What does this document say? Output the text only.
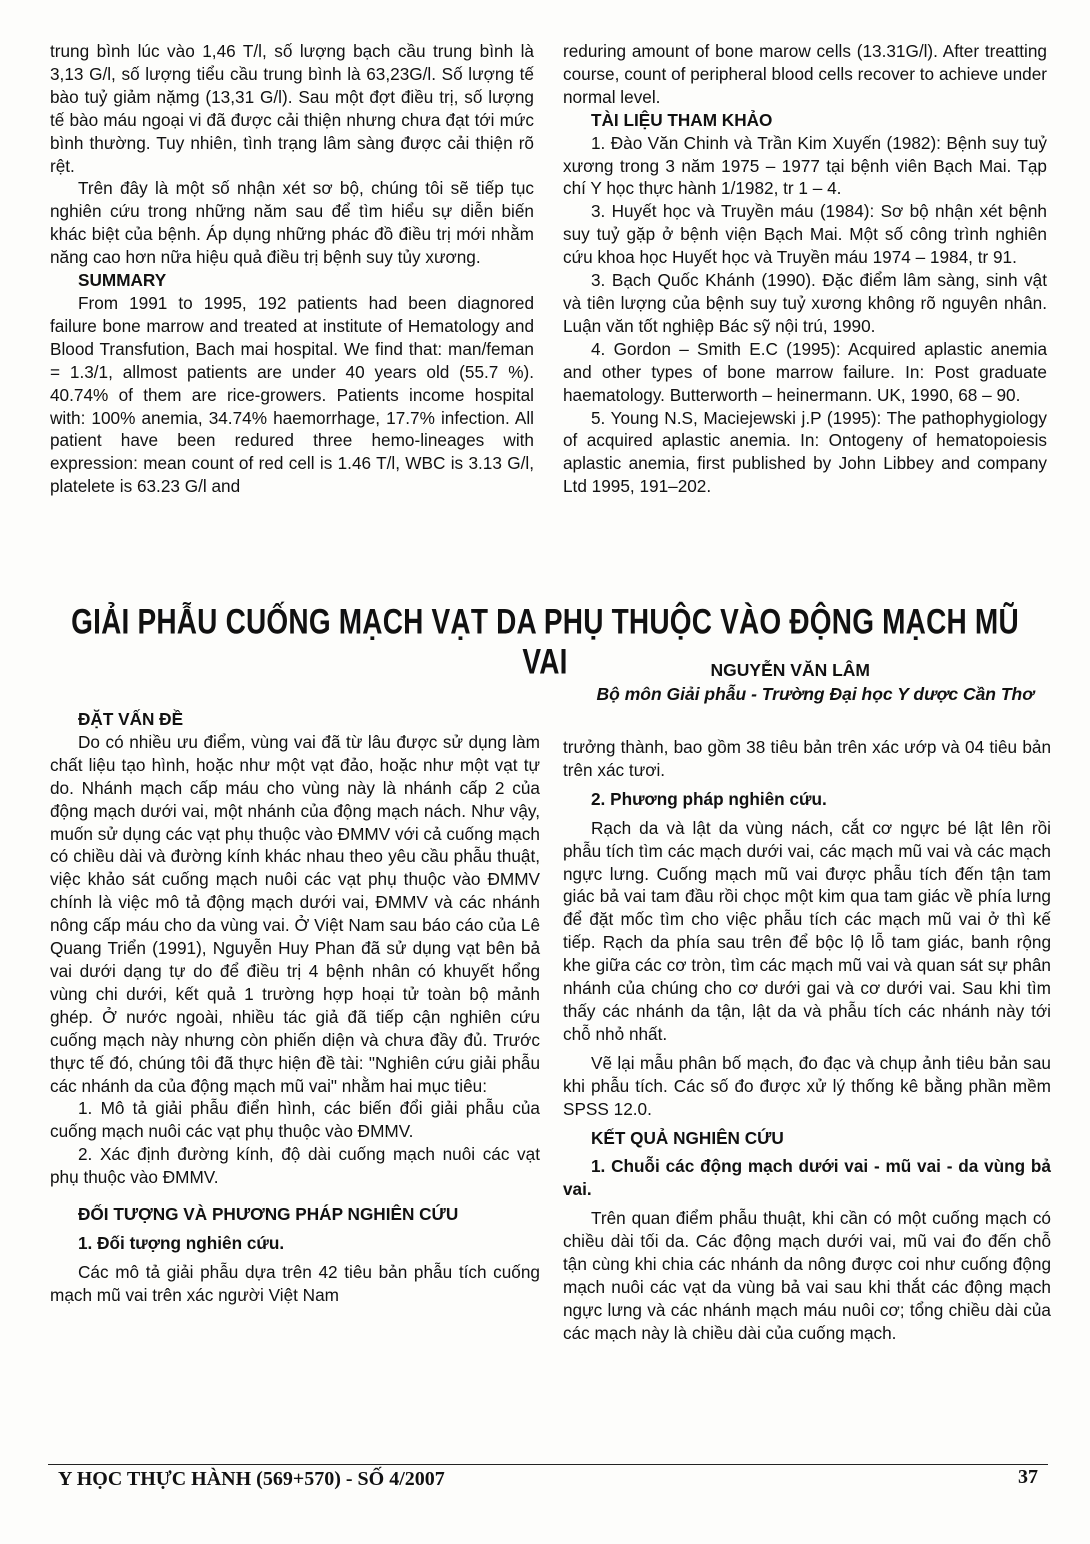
trung bình lúc vào 1,46 T/l, số lượng bạch cầu trung bình là 3,13 G/l, số lượng tiểu cầu trung bình là 63,23G/l. Số lượng tế bào tuỷ giảm nặmg (13,31 G/l). Sau một đợt điều trị, số lượng tế bào máu ngoại vi đã được cải thiện nhưng chưa đạt tới mức bình thường. Tuy nhiên, tình trạng lâm sàng được cải thiện rõ rệt.

Trên đây là một số nhận xét sơ bộ, chúng tôi sẽ tiếp tục nghiên cứu trong những năm sau để tìm hiểu sự diễn biến khác biệt của bệnh. Áp dụng những phác đồ điều trị mới nhằm năng cao hơn nữa hiệu quả điều trị bệnh suy tủy xương.

SUMMARY

From 1991 to 1995, 192 patients had been diagnored failure bone marrow and treated at institute of Hematology and Blood Transfution, Bach mai hospital. We find that: man/feman = 1.3/1, allmost patients are under 40 years old (55.7 %). 40.74% of them are rice-growers. Patients income hospital with: 100% anemia, 34.74% haemorrhage, 17.7% infection. All patient have been redured three hemo-lineages with expression: mean count of red cell is 1.46 T/l, WBC is 3.13 G/l, platelete is 63.23 G/l and

reduring amount of bone marow cells (13.31G/l). After treatting course, count of peripheral blood cells recover to achieve under normal level.

TÀI LIỆU THAM KHẢO

1. Đào Văn Chinh và Trần Kim Xuyến (1982): Bệnh suy tuỷ xương trong 3 năm 1975 – 1977 tại bệnh viên Bạch Mai. Tạp chí Y học thực hành 1/1982, tr 1 – 4.

3. Huyết học và Truyền máu (1984): Sơ bộ nhận xét bệnh suy tuỷ gặp ở bệnh viện Bạch Mai. Một số công trình nghiên cứu khoa học Huyết học và Truyền máu 1974 – 1984, tr 91.

3. Bạch Quốc Khánh (1990). Đặc điểm lâm sàng, sinh vật và tiên lượng của bệnh suy tuỷ xương không rõ nguyên nhân. Luận văn tốt nghiệp Bác sỹ nội trú, 1990.

4. Gordon – Smith E.C (1995): Acquired aplastic anemia and other types of bone marrow failure. In: Post graduate haematology. Butterworth – heinermann. UK, 1990, 68 – 90.

5. Young N.S, Maciejewski j.P (1995): The pathophygiology of acquired aplastic anemia. In: Ontogeny of hematopoiesis aplastic anemia, first published by John Libbey and company Ltd 1995, 191–202.

GIẢI PHẪU CUỐNG MẠCH VẠT DA PHỤ THUỘC VÀO ĐỘNG MẠCH MŨ VAI	NGUYỄN VĂN LÂM

Bộ môn Giải phẫu - Trường Đại học Y dược Cần Thơ

ĐẶT VẤN ĐỀ

Do có nhiều ưu điểm, vùng vai đã từ lâu được sử dụng làm chất liệu tạo hình, hoặc như một vạt đảo, hoặc như một vạt tự do. Nhánh mạch cấp máu cho vùng này là nhánh cấp 2 của động mạch dưới vai, một nhánh của động mạch nách. Như vậy, muốn sử dụng các vạt phụ thuộc vào ĐMMV với cả cuống mạch có chiều dài và đường kính khác nhau theo yêu cầu phẫu thuật, việc khảo sát cuống mạch nuôi các vạt phụ thuộc vào ĐMMV chính là việc mô tả động mạch dưới vai, ĐMMV và các nhánh nông cấp máu cho da vùng vai. Ở Việt Nam sau báo cáo của Lê Quang Triển (1991), Nguyễn Huy Phan đã sử dụng vạt bên bả vai dưới dạng tự do để điều trị 4 bệnh nhân có khuyết hổng vùng chi dưới, kết quả 1 trường hợp hoại tử toàn bộ mảnh ghép. Ở nước ngoài, nhiều tác giả đã tiếp cận nghiên cứu cuống mạch này nhưng còn phiến diện và chưa đầy đủ. Trước thực tế đó, chúng tôi đã thực hiện đề tài: "Nghiên cứu giải phẫu các nhánh da của động mạch mũ vai" nhằm hai mục tiêu:

1. Mô tả giải phẫu điển hình, các biến đổi giải phẫu của cuống mạch nuôi các vạt phụ thuộc vào ĐMMV.

2. Xác định đường kính, độ dài cuống mạch nuôi các vạt phụ thuộc vào ĐMMV.

ĐỐI TƯỢNG VÀ PHƯƠNG PHÁP NGHIÊN CỨU

1. Đối tượng nghiên cứu.

Các mô tả giải phẫu dựa trên 42 tiêu bản phẫu tích cuống mạch mũ vai trên xác người Việt Nam

trưởng thành, bao gồm 38 tiêu bản trên xác ướp và 04 tiêu bản trên xác tươi.

2. Phương pháp nghiên cứu.

Rạch da và lật da vùng nách, cắt cơ ngực bé lật lên rồi phẫu tích tìm các mạch dưới vai, các mạch mũ vai và các mạch ngực lưng. Cuống mạch mũ vai được phẫu tích đến tận tam giác bả vai tam đầu rồi chọc một kim qua tam giác về phía lưng để đặt mốc tìm cho việc phẫu tích các mạch mũ vai ở thì kế tiếp. Rạch da phía sau trên để bộc lộ lỗ tam giác, banh rộng khe giữa các cơ tròn, tìm các mạch mũ vai và quan sát sự phân nhánh của chúng cho cơ dưới gai và cơ dưới vai. Sau khi tìm thấy các nhánh da tận, lật da và phẫu tích các nhánh này tới chỗ nhỏ nhất.

Vẽ lại mẫu phân bố mạch, đo đạc và chụp ảnh tiêu bản sau khi phẫu tích. Các số đo được xử lý thống kê bằng phần mềm SPSS 12.0.

KẾT QUẢ NGHIÊN CỨU

1. Chuỗi các động mạch dưới vai - mũ vai - da vùng bả vai.

Trên quan điểm phẫu thuật, khi cần có một cuống mạch có chiều dài tối da. Các động mạch dưới vai, mũ vai đo đến chỗ tận cùng khi chia các nhánh da nông được coi như cuống động mạch nuôi các vạt da vùng bả vai sau khi thắt các động mạch ngực lưng và các nhánh mạch máu nuôi cơ; tổng chiều dài của các mạch này là chiều dài của cuống mạch.

Y HỌC THỰC HÀNH (569+570) - SỐ 4/2007	37
